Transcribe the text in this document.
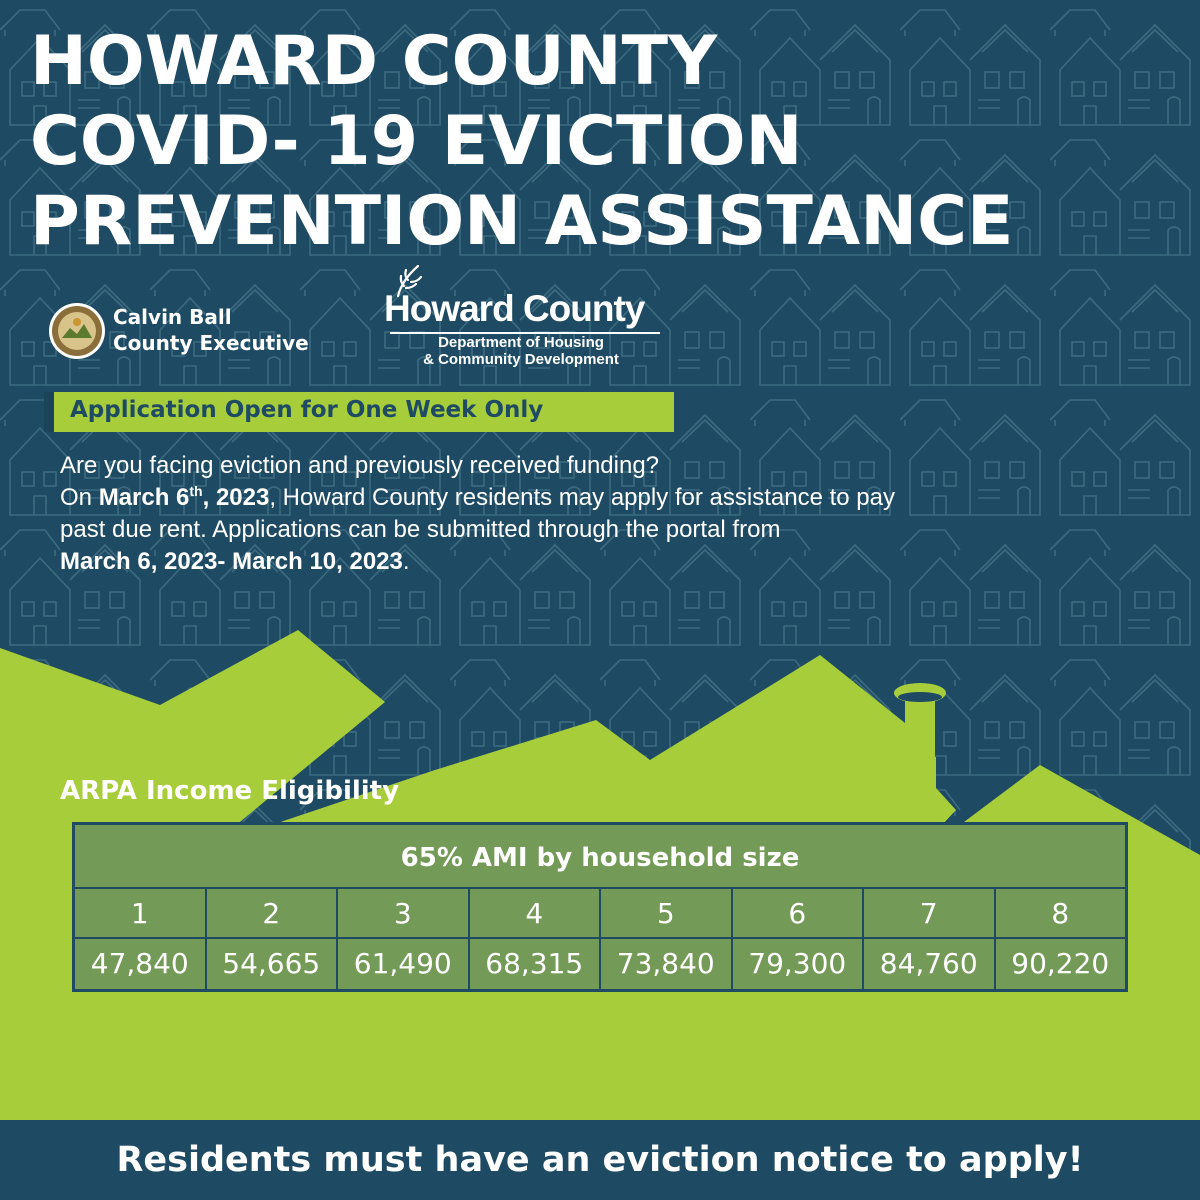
HOWARD COUNTY
COVID- 19 EVICTION
PREVENTION ASSISTANCE
Calvin Ball
County Executive
Howard County
Department of Housing
& Community Development
Application Open for One Week Only
Are you facing eviction and previously received funding?
On March 6th, 2023, Howard County residents may apply for assistance to pay
past due rent. Applications can be submitted through the portal from
March 6, 2023- March 10, 2023.
ARPA Income Eligibility
65% AMI by household size
1	2	3	4	5	6	7	8
47,840	54,665	61,490	68,315	73,840	79,300	84,760	90,220
Residents must have an eviction notice to apply!
